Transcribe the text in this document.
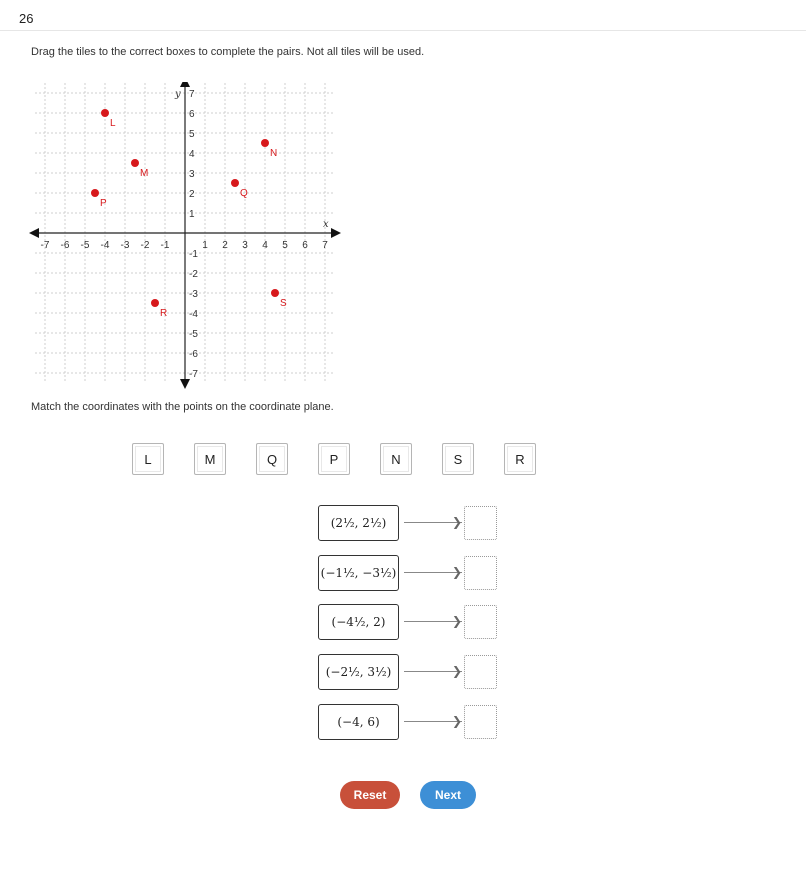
26
Drag the tiles to the correct boxes to complete the pairs. Not all tiles will be used.
-7 -6 -5 -4 -3 -2 -1	1 2 3 4 5 6 7
7
6
5
4
3
2
1
-1
-2
-3
-4
-5
-6
-7
x
y
L
M
P
Q
N
R
S
Match the coordinates with the points on the coordinate plane.
L	M	Q	P	N	S	R
(2½, 2½)	❯
(−1½, −3½)	❯
(−4½, 2)	❯
(−2½, 3½)	❯
(−4, 6)	❯
Reset	Next
